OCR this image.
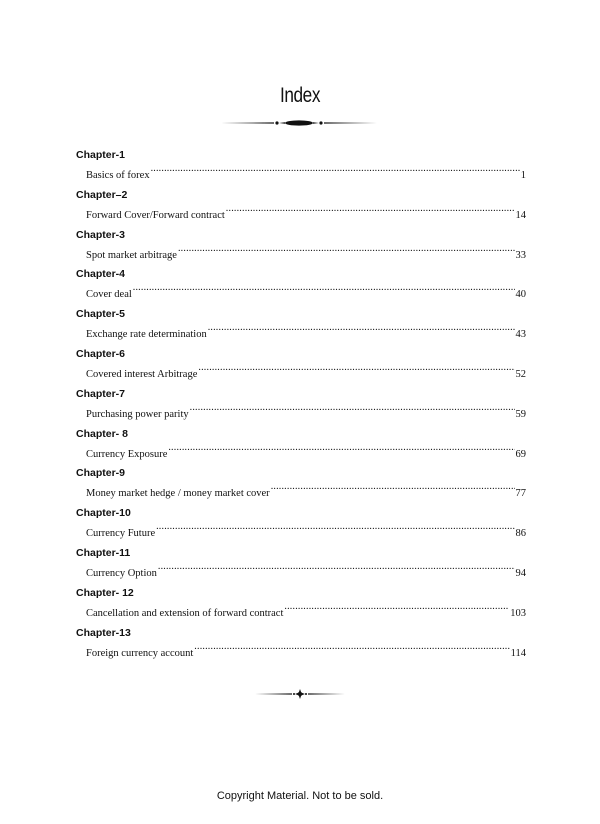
Index
Chapter-1
Basics of forex .....	1
Chapter–2
Forward Cover/Forward contract .....	14
Chapter-3
Spot market arbitrage .....	33
Chapter-4
Cover deal .....	40
Chapter-5
Exchange rate determination .....	43
Chapter-6
Covered interest Arbitrage .....	52
Chapter-7
Purchasing power parity .....	59
Chapter- 8
Currency Exposure .....	69
Chapter-9
Money market hedge / money market cover .....	77
Chapter-10
Currency Future .....	86
Chapter-11
Currency Option .....	94
Chapter- 12
Cancellation and extension of forward contract .....	103
Chapter-13
Foreign currency account .....	114
Copyright Material. Not to be sold.
